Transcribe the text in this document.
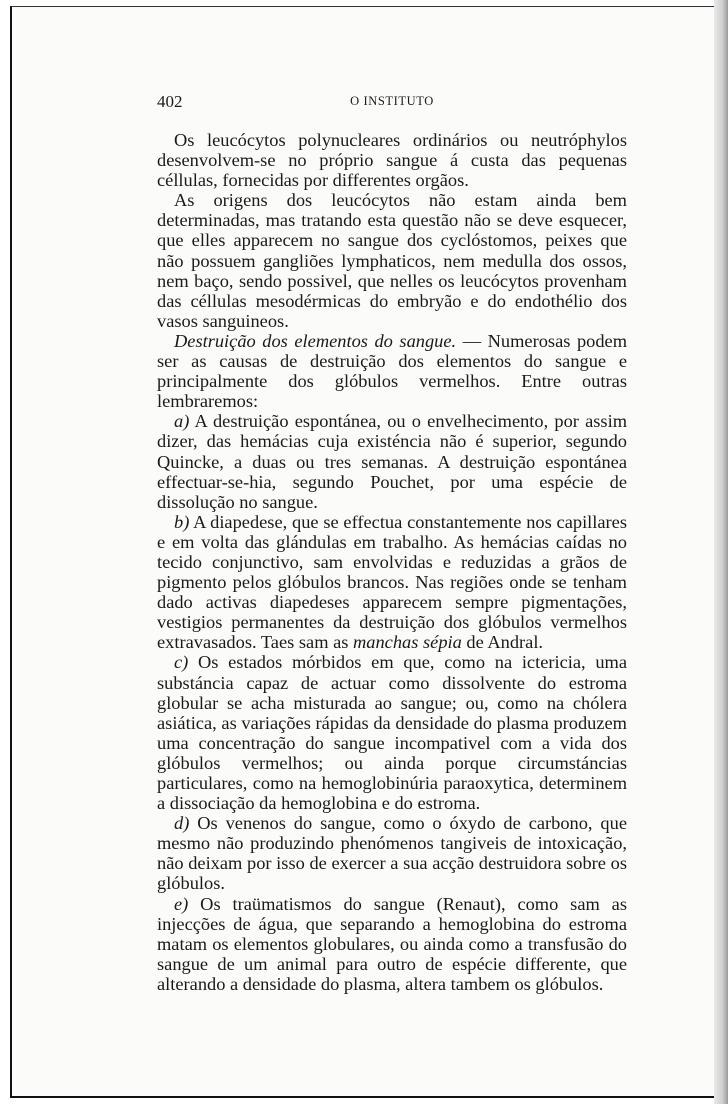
402	O INSTITUTO

Os leucócytos polynucleares ordinários ou neutróphylos desenvolvem-se no próprio sangue á custa das pequenas céllulas, fornecidas por differentes orgãos.

As origens dos leucócytos não estam ainda bem determinadas, mas tratando esta questão não se deve esquecer, que elles apparecem no sangue dos cyclóstomos, peixes que não possuem gangliões lymphaticos, nem medulla dos ossos, nem baço, sendo possivel, que nelles os leucócytos provenham das céllulas mesodérmicas do embryão e do endothélio dos vasos sanguineos.

Destruição dos elementos do sangue. — Numerosas podem ser as causas de destruição dos elementos do sangue e principalmente dos glóbulos vermelhos. Entre outras lembraremos:

a) A destruição espontánea, ou o envelhecimento, por assim dizer, das hemácias cuja existéncia não é superior, segundo Quincke, a duas ou tres semanas. A destruição espontánea effectuar-se-hia, segundo Pouchet, por uma espécie de dissolução no sangue.

b) A diapedese, que se effectua constantemente nos capillares e em volta das glándulas em trabalho. As hemácias caídas no tecido conjunctivo, sam envolvidas e reduzidas a grãos de pigmento pelos glóbulos brancos. Nas regiões onde se tenham dado activas diapedeses apparecem sempre pigmentações, vestigios permanentes da destruição dos glóbulos vermelhos extravasados. Taes sam as manchas sépia de Andral.

c) Os estados mórbidos em que, como na ictericia, uma substáncia capaz de actuar como dissolvente do estroma globular se acha misturada ao sangue; ou, como na chólera asiática, as variações rápidas da densidade do plasma produzem uma concentração do sangue incompativel com a vida dos glóbulos vermelhos; ou ainda porque circumstáncias particulares, como na hemoglobinúria paraoxytica, determinem a dissociação da hemoglobina e do estroma.

d) Os venenos do sangue, como o óxydo de carbono, que mesmo não produzindo phenómenos tangiveis de intoxicação, não deixam por isso de exercer a sua acção destruidora sobre os glóbulos.

e) Os traümatismos do sangue (Renaut), como sam as injecções de água, que separando a hemoglobina do estroma matam os elementos globulares, ou ainda como a transfusão do sangue de um animal para outro de espécie differente, que alterando a densidade do plasma, altera tambem os glóbulos.
